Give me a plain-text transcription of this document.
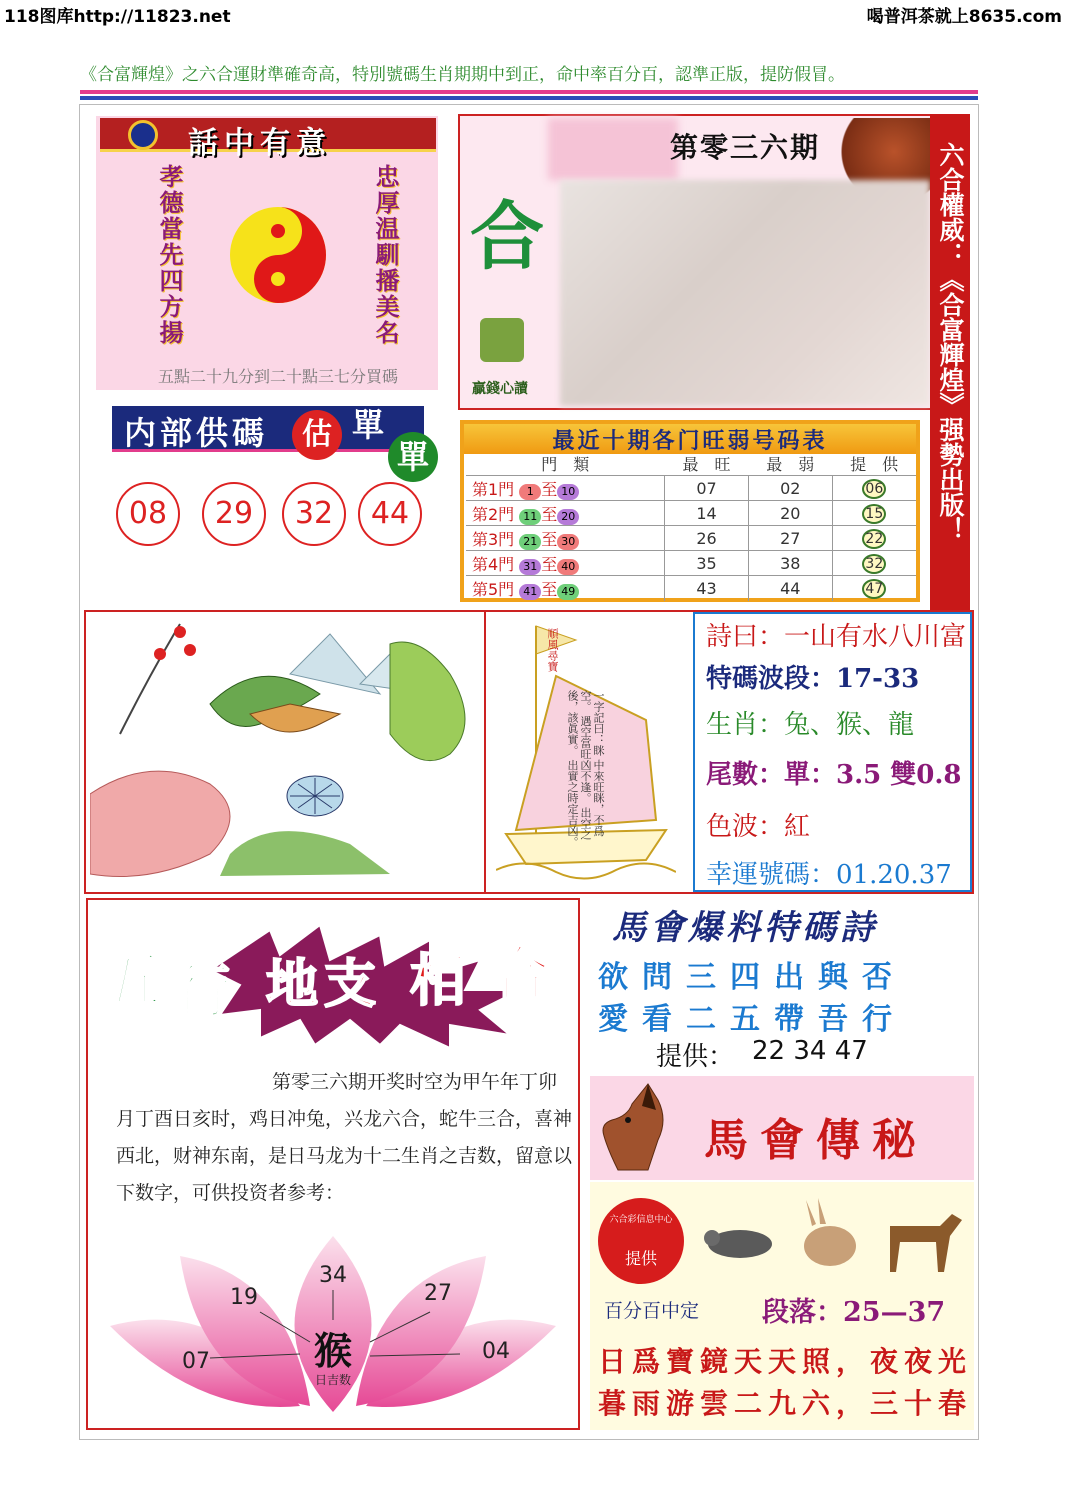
118图库http://11823.net	喝普洱茶就上8635.com
《合富輝煌》之六合運財準確奇高，特別號碼生肖期期中到正，命中率百分百，認準正版，提防假冒。
話中有意
孝德當先四方揚	忠厚温馴播美名
五點二十九分到二十點三七分買碼
内部供碼	估 單
單
08	29	32	44
第零三六期
合
贏錢心讀	六合權威：《合富輝煌》强勢出版！
最近十期各门旺弱号码表
門　類	最　旺	最　弱	提　供
第1門 1 至 10	07	02	06
第2門 11 至 20	14	20	15
第3門 21 至 30	26	27	22
第4門 31 至 40	35	38	32
第5門 41 至 49	43	44	47
順風尋寶
一字記曰：眯 中來旺眯，不爲空。 遇空當旺凶不逢。 出空之後，該眞實。 出實之時定吉凶。
詩曰：一山有水八川富
特碼波段：17-33
生肖：兔、猴、龍
尾數：單：3.5 雙0.8
色波：紅
幸運號碼：01.20.37
五 行 地 支 相 合
第零三六期开奖时空为甲午年丁卯月丁酉日亥时，鸡日冲兔，兴龙六合，蛇牛三合，喜神西北，财神东南，是日马龙为十二生肖之吉数，留意以下数字，可供投资者参考：
34
19	27
07	04
猴
日吉数
馬會爆料特碼詩
欲問三四出與否
愛看二五帶吾行
提供： 22 34 47
馬會傳秘
六合彩信息中心
提供
百分百中定 段落：25—37
日爲寶鏡天天照，夜夜光
暮雨游雲二九六，三十春
